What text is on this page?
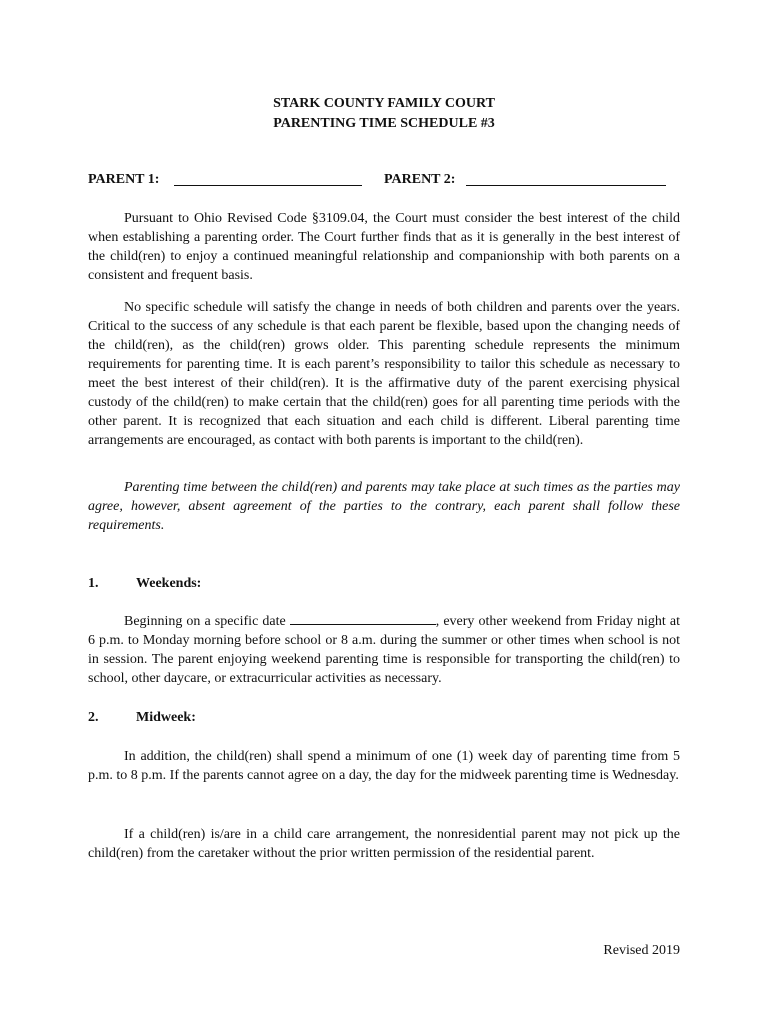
STARK COUNTY FAMILY COURT
PARENTING TIME SCHEDULE #3
PARENT 1:	PARENT 2:

Pursuant to Ohio Revised Code §3109.04, the Court must consider the best interest of the child when establishing a parenting order. The Court further finds that as it is generally in the best interest of the child(ren) to enjoy a continued meaningful relationship and companionship with both parents on a consistent and frequent basis.

No specific schedule will satisfy the change in needs of both children and parents over the years. Critical to the success of any schedule is that each parent be flexible, based upon the changing needs of the child(ren), as the child(ren) grows older. This parenting schedule represents the minimum requirements for parenting time. It is each parent’s responsibility to tailor this schedule as necessary to meet the best interest of their child(ren). It is the affirmative duty of the parent exercising physical custody of the child(ren) to make certain that the child(ren) goes for all parenting time periods with the other parent. It is recognized that each situation and each child is different. Liberal parenting time arrangements are encouraged, as contact with both parents is important to the child(ren).

Parenting time between the child(ren) and parents may take place at such times as the parties may agree, however, absent agreement of the parties to the contrary, each parent shall follow these requirements.

1.	Weekends:

Beginning on a specific date	, every other weekend from Friday night at 6 p.m. to Monday morning before school or 8 a.m. during the summer or other times when school is not in session. The parent enjoying weekend parenting time is responsible for transporting the child(ren) to school, other daycare, or extracurricular activities as necessary.

2.	Midweek:

In addition, the child(ren) shall spend a minimum of one (1) week day of parenting time from 5 p.m. to 8 p.m. If the parents cannot agree on a day, the day for the midweek parenting time is Wednesday.

If a child(ren) is/are in a child care arrangement, the nonresidential parent may not pick up the child(ren) from the caretaker without the prior written permission of the residential parent.

Revised 2019
